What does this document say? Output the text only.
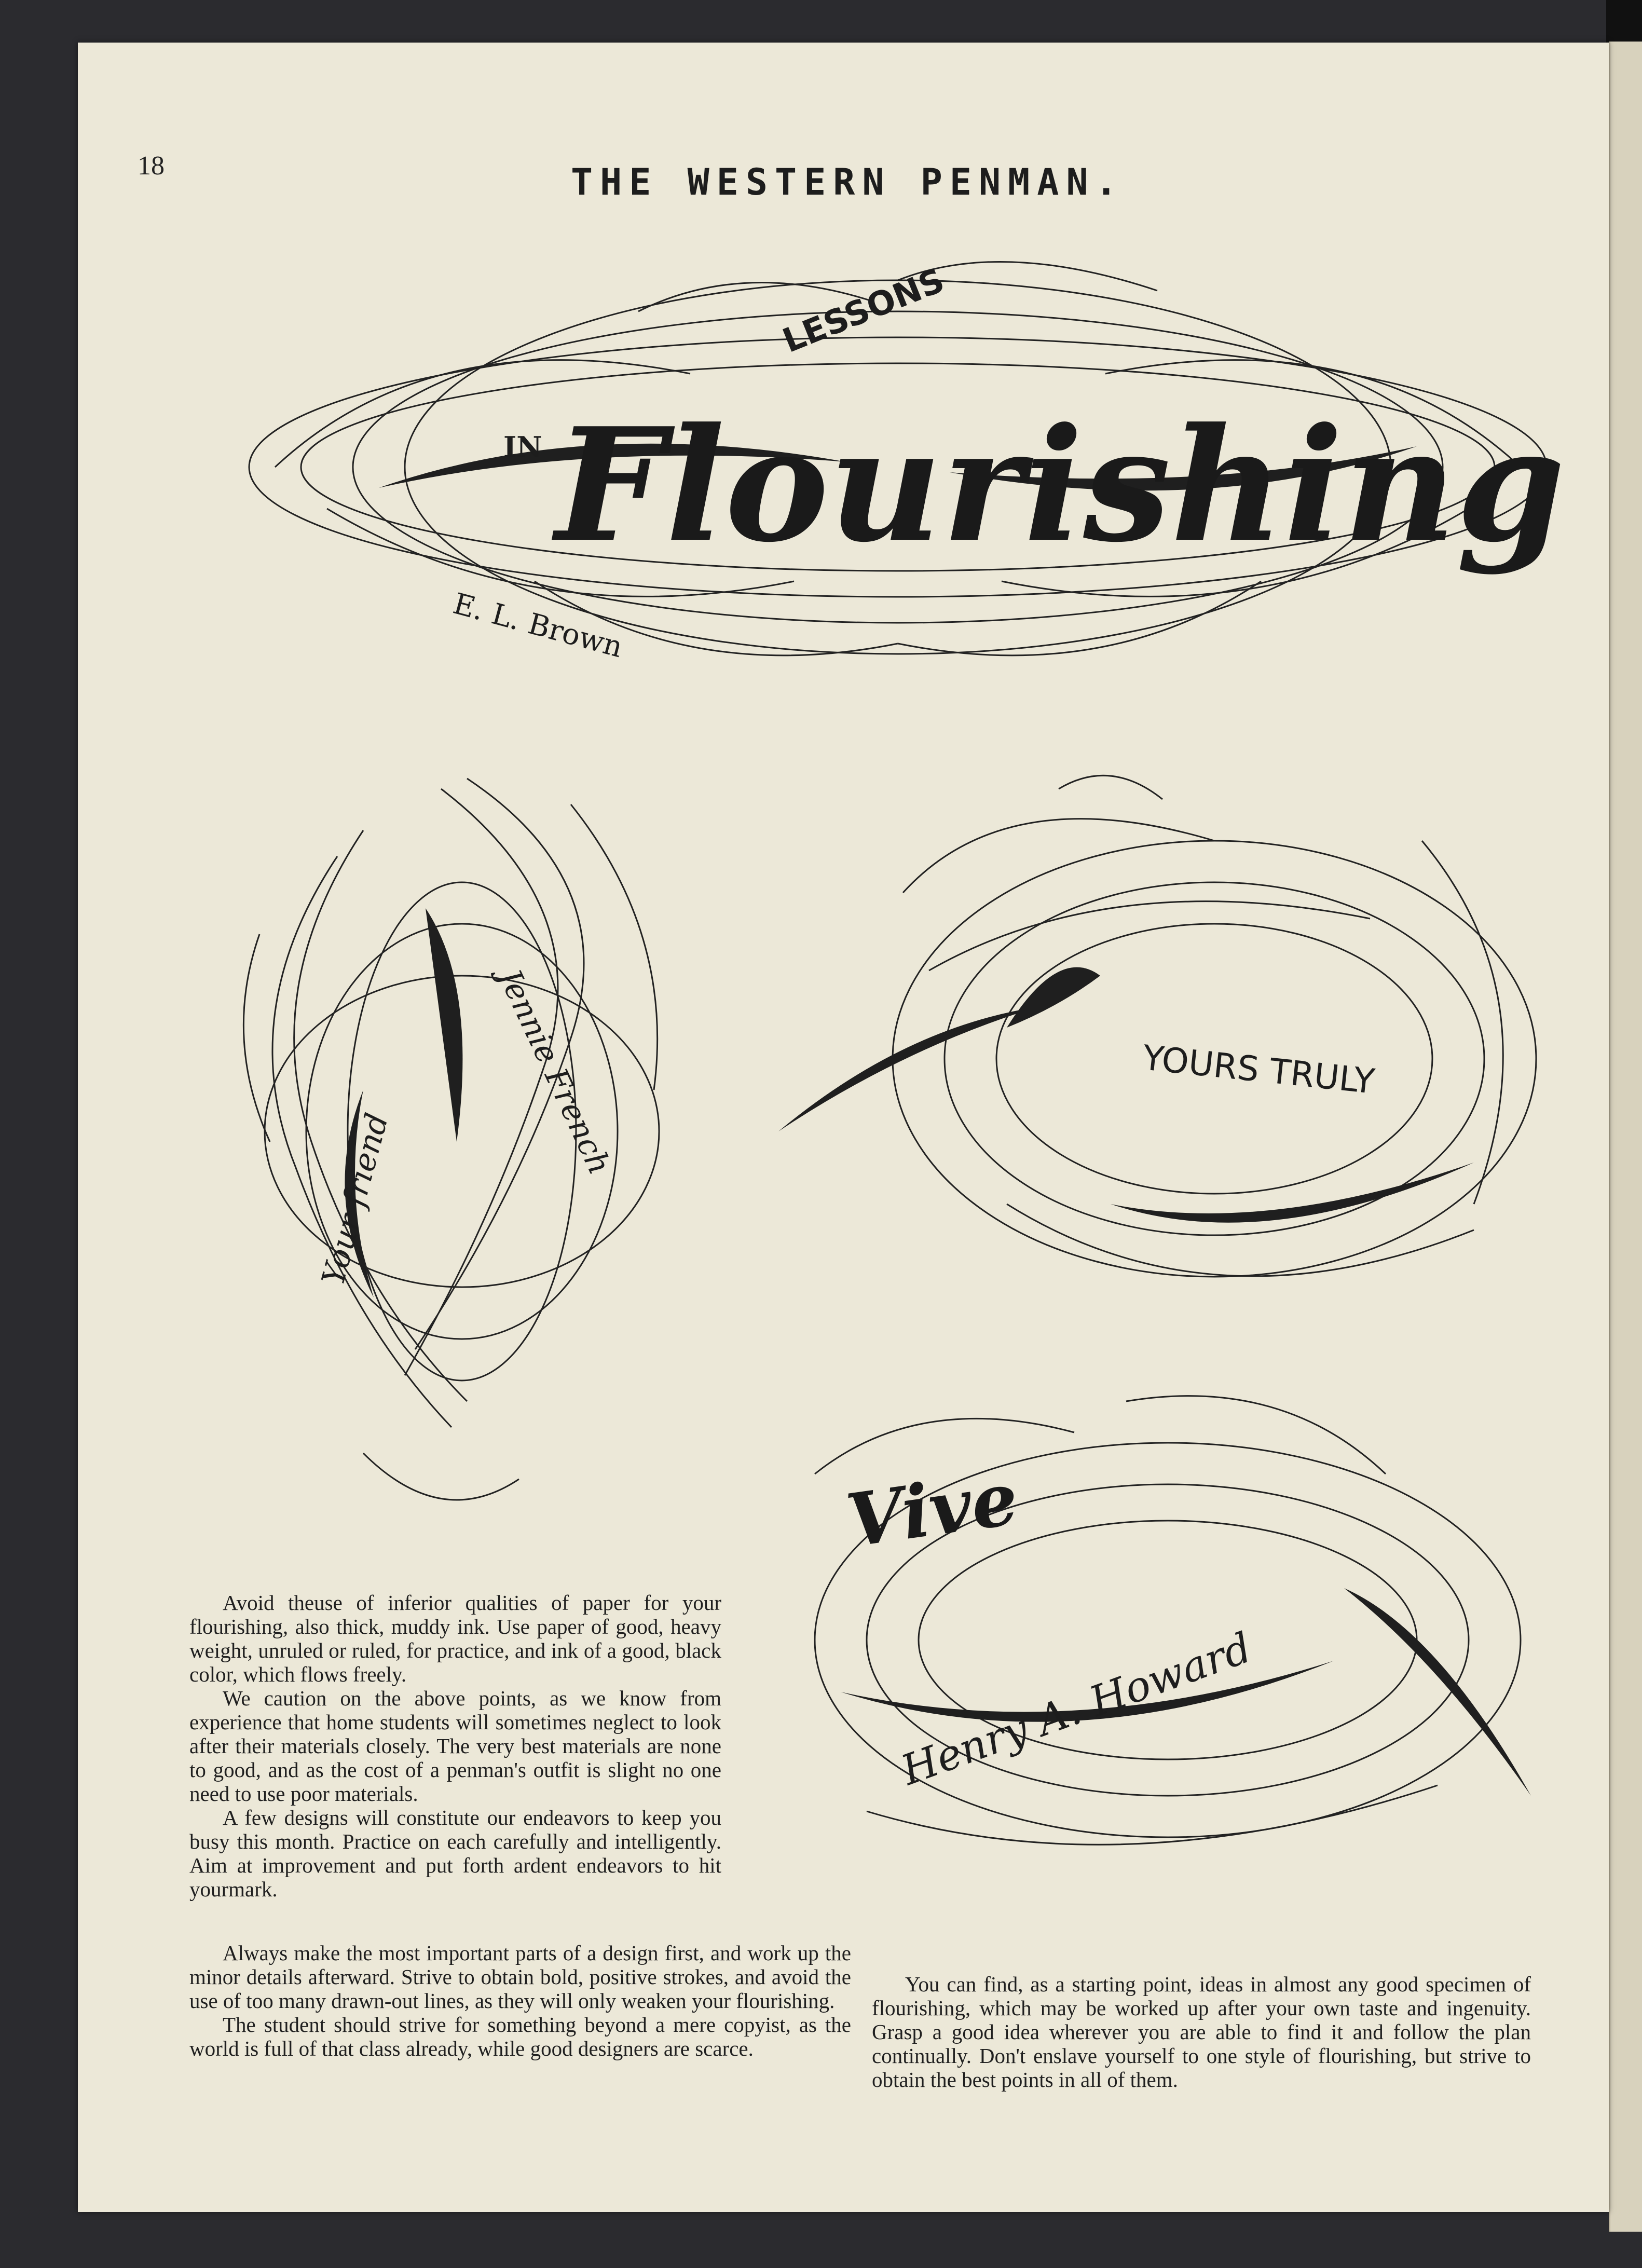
18	THE WESTERN PENMAN.
IN
LESSONS
Flourishing
E. L. Brown
Jennie French
Your friend
YOURS TRULY
Vive
Henry A. Howard

Avoid theuse of inferior qualities of paper for your flourishing, also thick, muddy ink. Use paper of good, heavy weight, unruled or ruled, for practice, and ink of a good, black color, which flows freely.

We caution on the above points, as we know from experience that home students will sometimes neglect to look after their materials closely. The very best materials are none to good, and as the cost of a penman's outfit is slight no one need to use poor materials.

A few designs will constitute our endeavors to keep you busy this month. Practice on each carefully and intelligently. Aim at improvement and put forth ardent endeavors to hit yourmark.

Always make the most important parts of a design first, and work up the minor details afterward. Strive to obtain bold, positive strokes, and avoid the use of too many drawn-out lines, as they will only weaken your flourishing.

The student should strive for something beyond a mere copyist, as the world is full of that class already, while good designers are scarce.

You can find, as a starting point, ideas in almost any good specimen of flourishing, which may be worked up after your own taste and ingenuity. Grasp a good idea wherever you are able to find it and follow the plan continually. Don't enslave yourself to one style of flourishing, but strive to obtain the best points in all of them.
